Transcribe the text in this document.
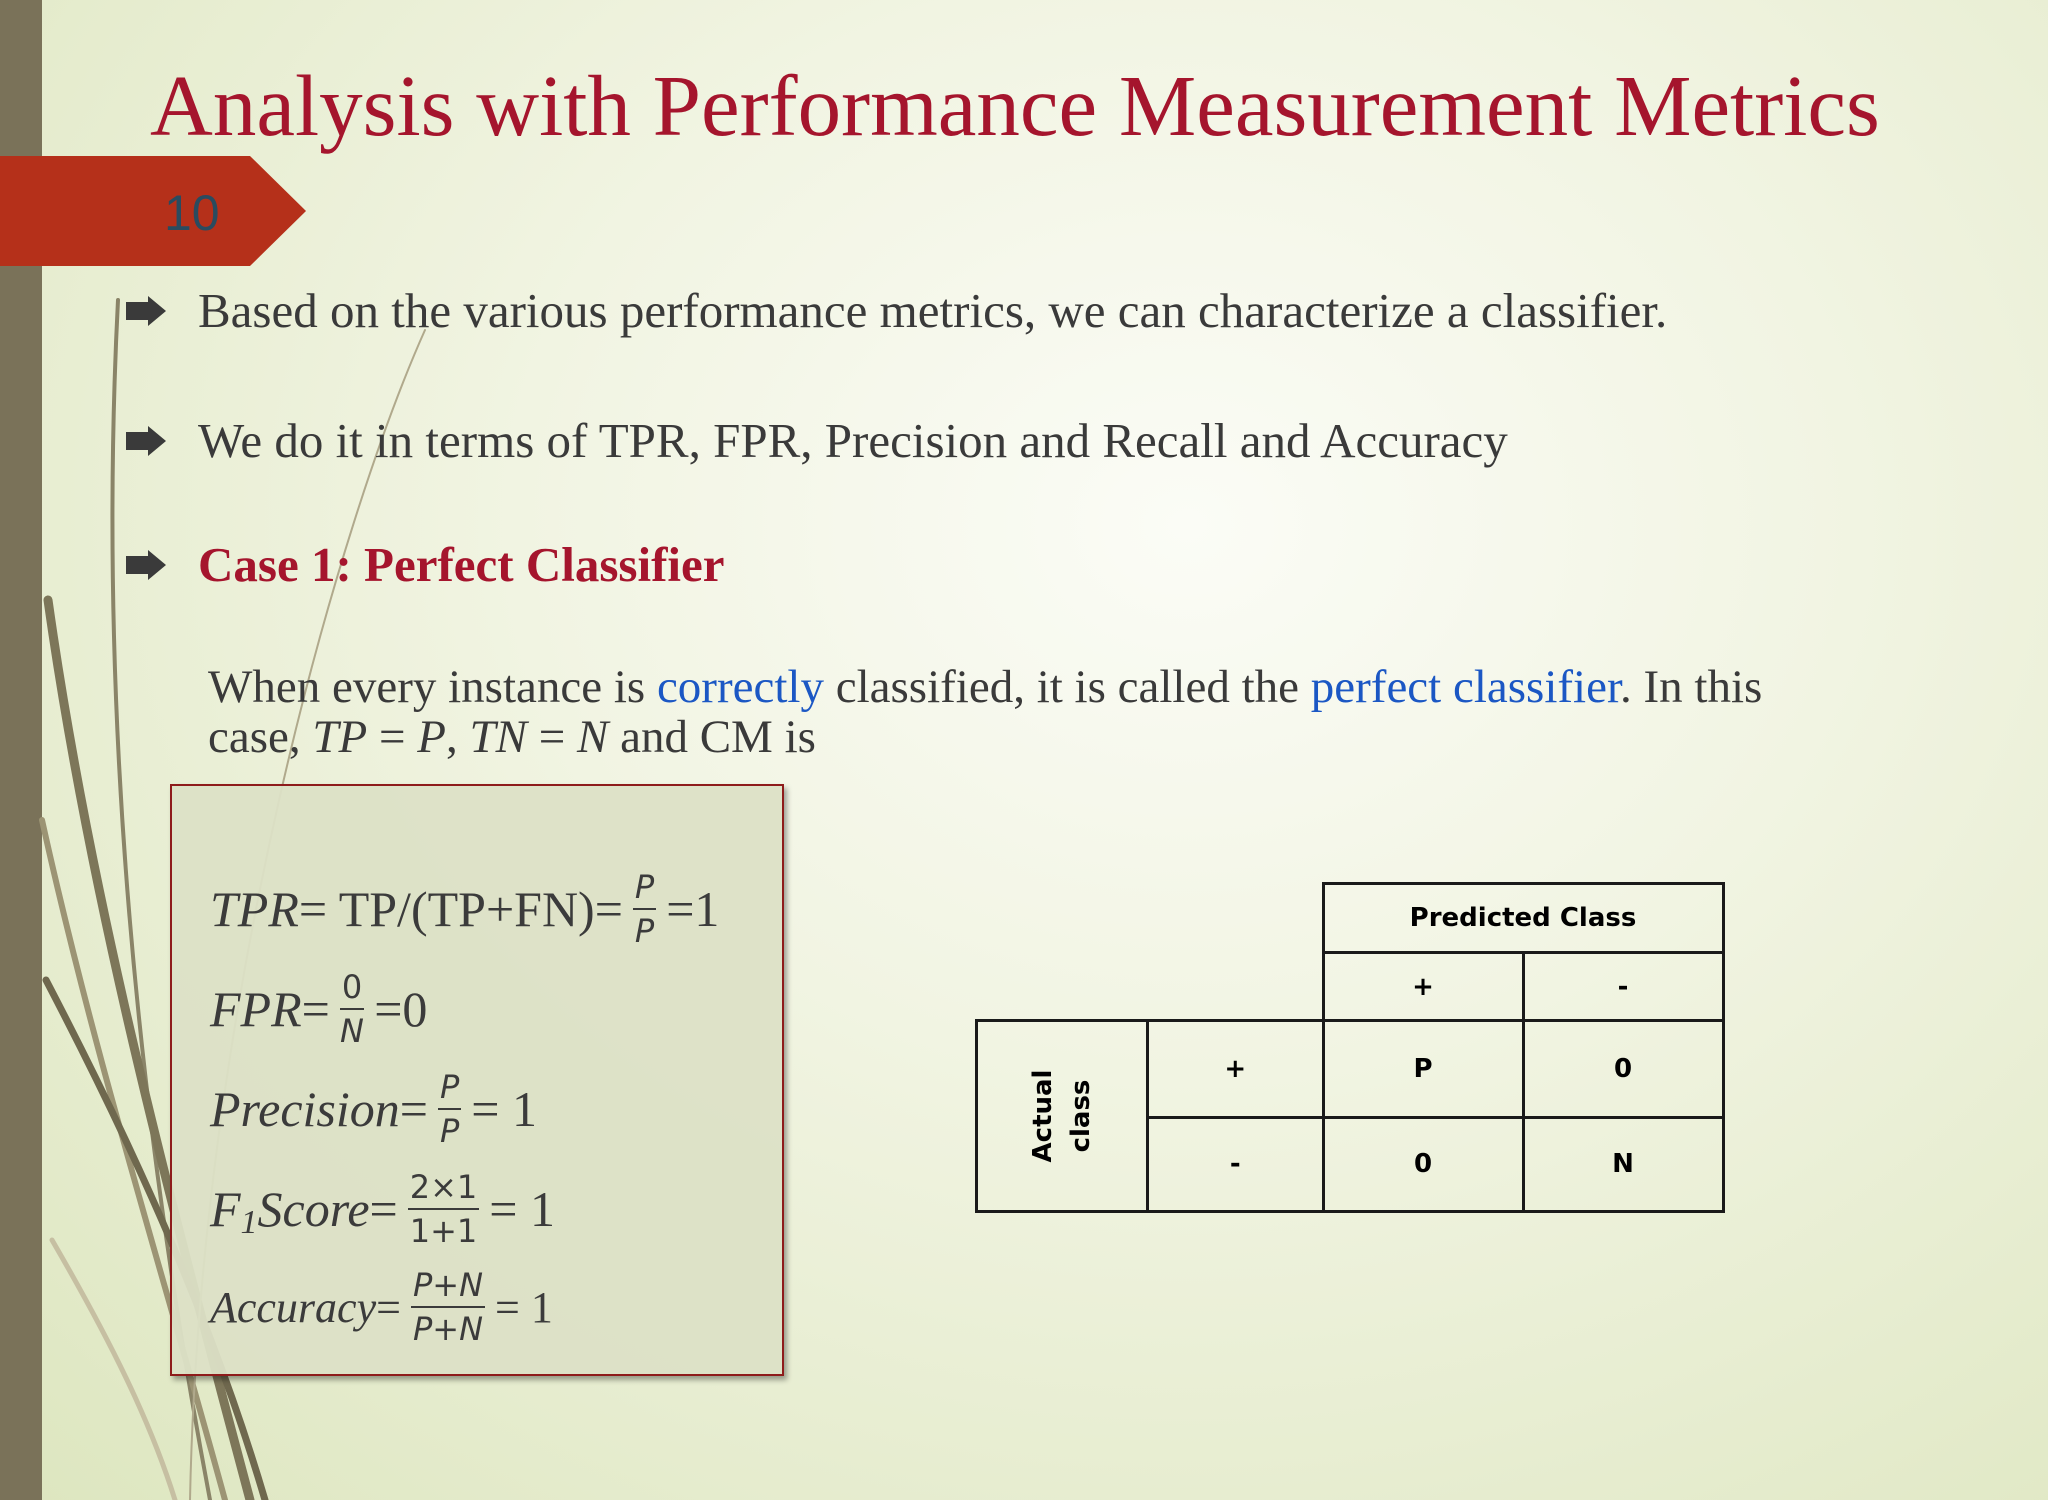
Analysis with Performance Measurement Metrics
10
Based on the various performance metrics, we can characterize a classifier.
We do it in terms of TPR, FPR, Precision and Recall and Accuracy
Case 1: Perfect Classifier
When every instance is correctly classified, it is called the perfect classifier. In this
case, TP = P, TN = N and CM is
TPR = $TP/(TP+FN)= \frac{P}{P} =1$
FPR = $\frac{0}{N} =0$
Precision = $\frac{P}{P} = 1$
F 1 Score = $\frac{2\times 1}{1+1} = 1$
Accuracy = $\frac{P+N}{P+N} = 1$
		Predicted Class	
		+	-

Actual class	+	P	0
	-	0	N
